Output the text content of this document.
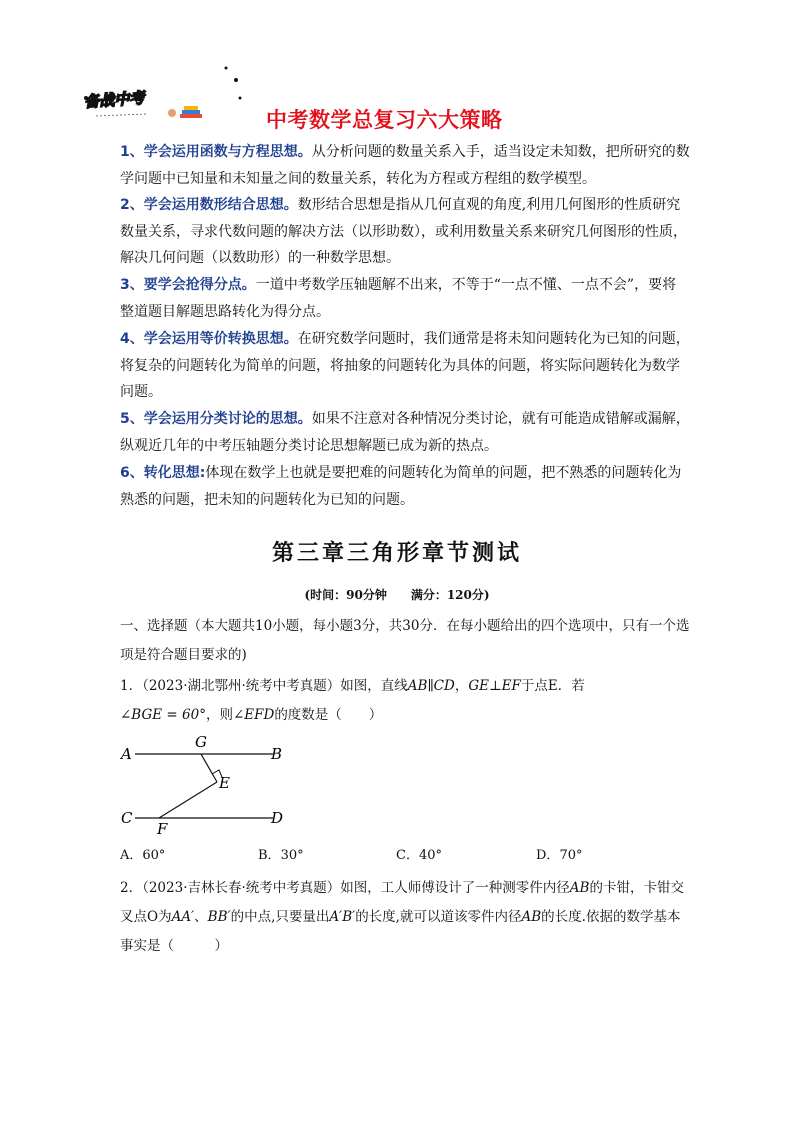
备战中考
中考数学总复习六大策略
1、学会运用函数与方程思想。从分析问题的数量关系入手，适当设定未知数，把所研究的数学问题中已知量和未知量之间的数量关系，转化为方程或方程组的数学模型。
2、学会运用数形结合思想。数形结合思想是指从几何直观的角度,利用几何图形的性质研究数量关系，寻求代数问题的解决方法（以形助数），或利用数量关系来研究几何图形的性质，解决几何问题（以数助形）的一种数学思想。
3、要学会抢得分点。一道中考数学压轴题解不出来，不等于“一点不懂、一点不会”，要将整道题目解题思路转化为得分点。
4、学会运用等价转换思想。在研究数学问题时，我们通常是将未知问题转化为已知的问题，将复杂的问题转化为简单的问题，将抽象的问题转化为具体的问题，将实际问题转化为数学问题。
5、学会运用分类讨论的思想。如果不注意对各种情况分类讨论，就有可能造成错解或漏解，纵观近几年的中考压轴题分类讨论思想解题已成为新的热点。
6、转化思想:体现在数学上也就是要把难的问题转化为简单的问题，把不熟悉的问题转化为熟悉的问题，把未知的问题转化为已知的问题。
第三章三角形章节测试
(时间：90分钟　　满分：120分)
一、选择题（本大题共10小题，每小题3分，共30分．在每小题给出的四个选项中，只有一个选项是符合题目要求的)
1．（2023·湖北鄂州·统考中考真题）如图，直线AB∥CD，GE⊥EF于点E．若
∠BGE = 60°，则∠EFD的度数是（　　）
A
G
B
E
C
F
D
A．60°	B．30°	C．40°	D．70°
2．（2023·吉林长春·统考中考真题）如图，工人师傅设计了一种测零件内径AB的卡钳，卡钳交叉点O为AA′、BB′的中点,只要量出A′B′的长度,就可以道该零件内径AB的长度.依据的数学基本事实是（　　　）
